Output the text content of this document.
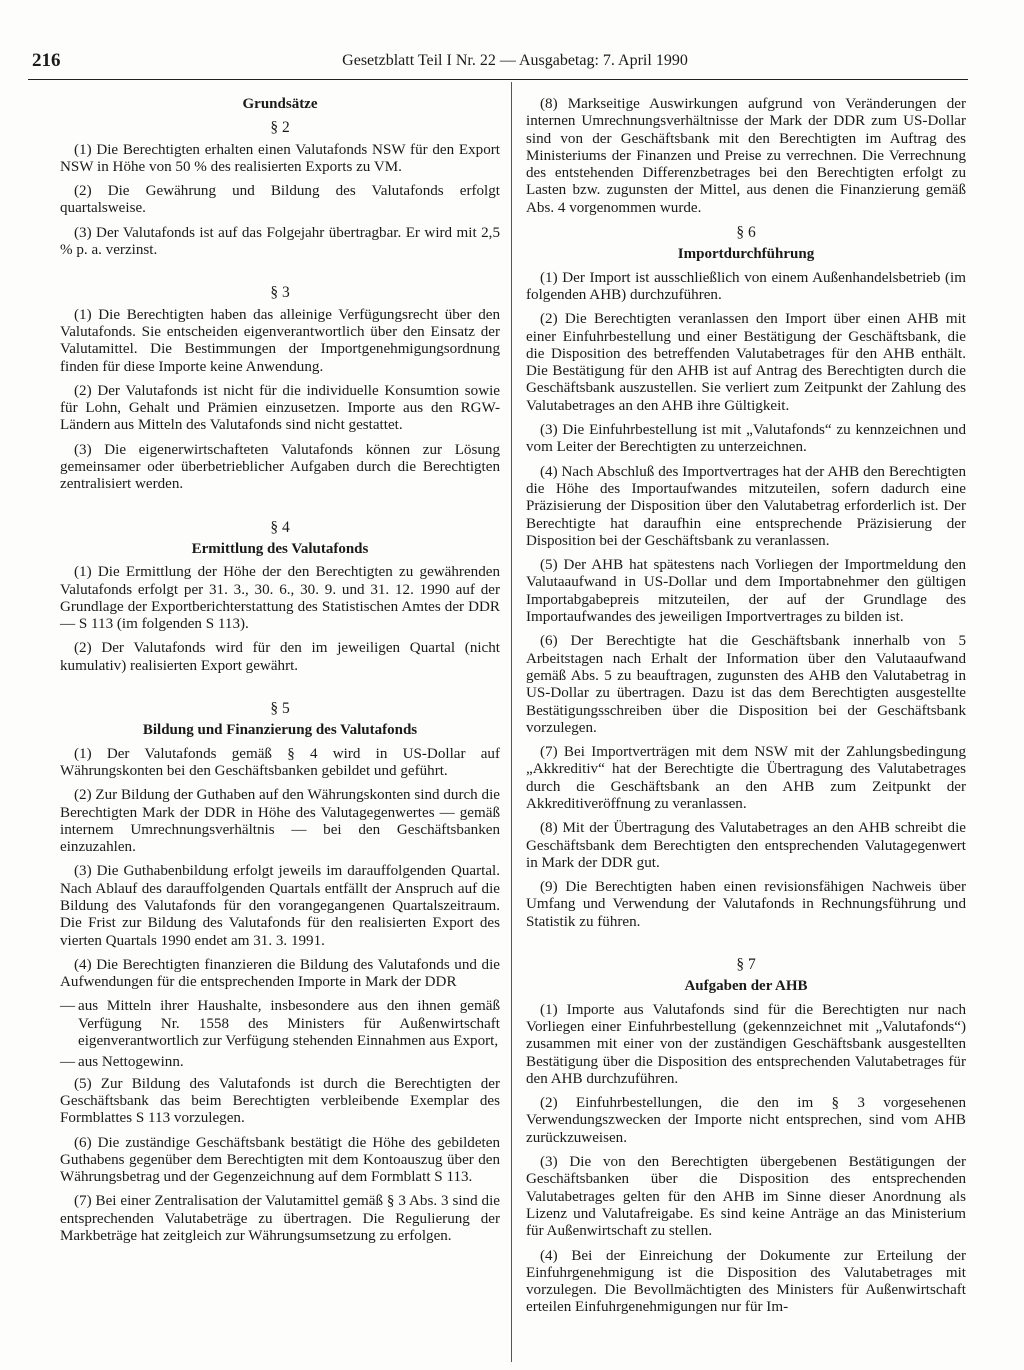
216	Gesetzblatt Teil I Nr. 22 — Ausgabetag: 7. April 1990
Grundsätze
§ 2

(1) Die Berechtigten erhalten einen Valutafonds NSW für den Export NSW in Höhe von 50 % des realisierten Exports zu VM.

(2) Die Gewährung und Bildung des Valutafonds erfolgt quartalsweise.

(3) Der Valutafonds ist auf das Folgejahr übertragbar. Er wird mit 2,5 % p. a. verzinst.

§ 3

(1) Die Berechtigten haben das alleinige Verfügungsrecht über den Valutafonds. Sie entscheiden eigenverantwortlich über den Einsatz der Valutamittel. Die Bestimmungen der Importgenehmigungsordnung finden für diese Importe keine Anwendung.

(2) Der Valutafonds ist nicht für die individuelle Konsumtion sowie für Lohn, Gehalt und Prämien einzusetzen. Importe aus den RGW-Ländern aus Mitteln des Valutafonds sind nicht gestattet.

(3) Die eigenerwirtschafteten Valutafonds können zur Lösung gemeinsamer oder überbetrieblicher Aufgaben durch die Berechtigten zentralisiert werden.

§ 4
Ermittlung des Valutafonds

(1) Die Ermittlung der Höhe der den Berechtigten zu gewährenden Valutafonds erfolgt per 31. 3., 30. 6., 30. 9. und 31. 12. 1990 auf der Grundlage der Exportberichterstattung des Statistischen Amtes der DDR — S 113 (im folgenden S 113).

(2) Der Valutafonds wird für den im jeweiligen Quartal (nicht kumulativ) realisierten Export gewährt.

§ 5
Bildung und Finanzierung des Valutafonds

(1) Der Valutafonds gemäß § 4 wird in US-Dollar auf Währungskonten bei den Geschäftsbanken gebildet und geführt.

(2) Zur Bildung der Guthaben auf den Währungskonten sind durch die Berechtigten Mark der DDR in Höhe des Valutagegenwertes — gemäß internem Umrechnungsverhältnis — bei den Geschäftsbanken einzuzahlen.

(3) Die Guthabenbildung erfolgt jeweils im darauffolgenden Quartal. Nach Ablauf des darauffolgenden Quartals entfällt der Anspruch auf die Bildung des Valutafonds für den vorangegangenen Quartalszeitraum. Die Frist zur Bildung des Valutafonds für den realisierten Export des vierten Quartals 1990 endet am 31. 3. 1991.

(4) Die Berechtigten finanzieren die Bildung des Valutafonds und die Aufwendungen für die entsprechenden Importe in Mark der DDR

— aus Mitteln ihrer Haushalte, insbesondere aus den ihnen gemäß Verfügung Nr. 1558 des Ministers für Außenwirtschaft eigenverantwortlich zur Verfügung stehenden Einnahmen aus Export,
— aus Nettogewinn.

(5) Zur Bildung des Valutafonds ist durch die Berechtigten der Geschäftsbank das beim Berechtigten verbleibende Exemplar des Formblattes S 113 vorzulegen.

(6) Die zuständige Geschäftsbank bestätigt die Höhe des gebildeten Guthabens gegenüber dem Berechtigten mit dem Kontoauszug über den Währungsbetrag und der Gegenzeichnung auf dem Formblatt S 113.

(7) Bei einer Zentralisation der Valutamittel gemäß § 3 Abs. 3 sind die entsprechenden Valutabeträge zu übertragen. Die Regulierung der Markbeträge hat zeitgleich zur Währungsumsetzung zu erfolgen.

(8) Markseitige Auswirkungen aufgrund von Veränderungen der internen Umrechnungsverhältnisse der Mark der DDR zum US-Dollar sind von der Geschäftsbank mit den Berechtigten im Auftrag des Ministeriums der Finanzen und Preise zu verrechnen. Die Verrechnung des entstehenden Differenzbetrages bei den Berechtigten erfolgt zu Lasten bzw. zugunsten der Mittel, aus denen die Finanzierung gemäß Abs. 4 vorgenommen wurde.

§ 6
Importdurchführung

(1) Der Import ist ausschließlich von einem Außenhandelsbetrieb (im folgenden AHB) durchzuführen.

(2) Die Berechtigten veranlassen den Import über einen AHB mit einer Einfuhrbestellung und einer Bestätigung der Geschäftsbank, die die Disposition des betreffenden Valutabetrages für den AHB enthält. Die Bestätigung für den AHB ist auf Antrag des Berechtigten durch die Geschäftsbank auszustellen. Sie verliert zum Zeitpunkt der Zahlung des Valutabetrages an den AHB ihre Gültigkeit.

(3) Die Einfuhrbestellung ist mit „Valutafonds“ zu kennzeichnen und vom Leiter der Berechtigten zu unterzeichnen.

(4) Nach Abschluß des Importvertrages hat der AHB den Berechtigten die Höhe des Importaufwandes mitzuteilen, sofern dadurch eine Präzisierung der Disposition über den Valutabetrag erforderlich ist. Der Berechtigte hat daraufhin eine entsprechende Präzisierung der Disposition bei der Geschäftsbank zu veranlassen.

(5) Der AHB hat spätestens nach Vorliegen der Importmeldung den Valutaaufwand in US-Dollar und dem Importabnehmer den gültigen Importabgabepreis mitzuteilen, der auf der Grundlage des Importaufwandes des jeweiligen Importvertrages zu bilden ist.

(6) Der Berechtigte hat die Geschäftsbank innerhalb von 5 Arbeitstagen nach Erhalt der Information über den Valutaaufwand gemäß Abs. 5 zu beauftragen, zugunsten des AHB den Valutabetrag in US-Dollar zu übertragen. Dazu ist das dem Berechtigten ausgestellte Bestätigungsschreiben über die Disposition bei der Geschäftsbank vorzulegen.

(7) Bei Importverträgen mit dem NSW mit der Zahlungsbedingung „Akkreditiv“ hat der Berechtigte die Übertragung des Valutabetrages durch die Geschäftsbank an den AHB zum Zeitpunkt der Akkreditiveröffnung zu veranlassen.

(8) Mit der Übertragung des Valutabetrages an den AHB schreibt die Geschäftsbank dem Berechtigten den entsprechenden Valutagegenwert in Mark der DDR gut.

(9) Die Berechtigten haben einen revisionsfähigen Nachweis über Umfang und Verwendung der Valutafonds in Rechnungsführung und Statistik zu führen.

§ 7
Aufgaben der AHB

(1) Importe aus Valutafonds sind für die Berechtigten nur nach Vorliegen einer Einfuhrbestellung (gekennzeichnet mit „Valutafonds“) zusammen mit einer von der zuständigen Geschäftsbank ausgestellten Bestätigung über die Disposition des entsprechenden Valutabetrages für den AHB durchzuführen.

(2) Einfuhrbestellungen, die den im § 3 vorgesehenen Verwendungszwecken der Importe nicht entsprechen, sind vom AHB zurückzuweisen.

(3) Die von den Berechtigten übergebenen Bestätigungen der Geschäftsbanken über die Disposition des entsprechenden Valutabetrages gelten für den AHB im Sinne dieser Anordnung als Lizenz und Valutafreigabe. Es sind keine Anträge an das Ministerium für Außenwirtschaft zu stellen.

(4) Bei der Einreichung der Dokumente zur Erteilung der Einfuhrgenehmigung ist die Disposition des Valutabetrages mit vorzulegen. Die Bevollmächtigten des Ministers für Außenwirtschaft erteilen Einfuhrgenehmigungen nur für Im-
